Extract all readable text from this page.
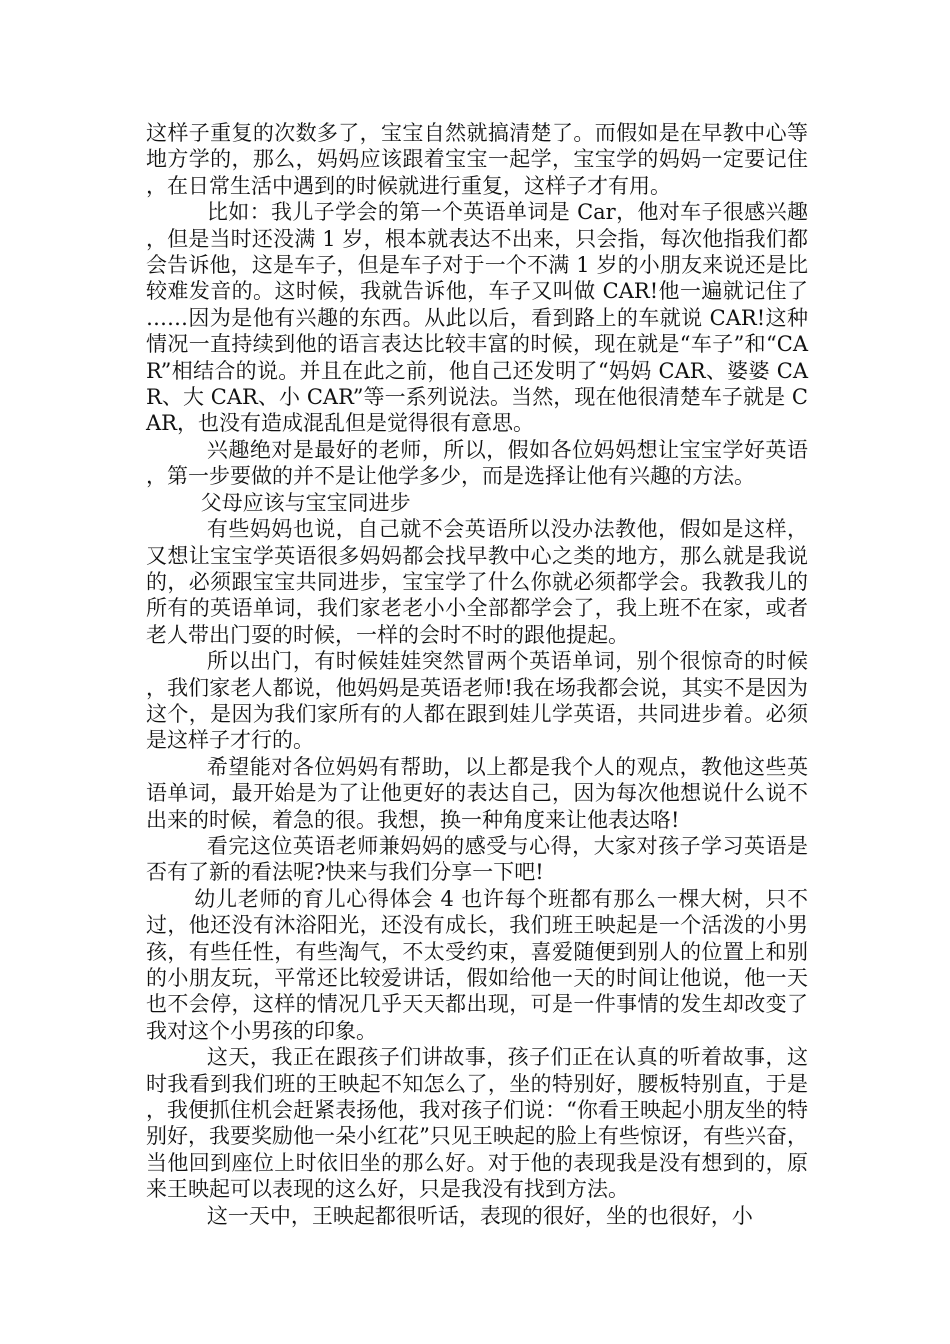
这样子重复的次数多了，宝宝自然就搞清楚了。而假如是在早教中心等地方学的，那么，妈妈应该跟着宝宝一起学，宝宝学的妈妈一定要记住，在日常生活中遇到的时候就进行重复，这样子才有用。

比如：我儿子学会的第一个英语单词是 Car，他对车子很感兴趣，但是当时还没满 1 岁，根本就表达不出来，只会指，每次他指我们都会告诉他，这是车子，但是车子对于一个不满 1 岁的小朋友来说还是比较难发音的。这时候，我就告诉他，车子又叫做 CAR!他一遍就记住了……因为是他有兴趣的东西。从此以后，看到路上的车就说 CAR!这种情况一直持续到他的语言表达比较丰富的时候，现在就是“车子”和“CAR”相结合的说。并且在此之前，他自己还发明了“妈妈 CAR、婆婆 CAR、大 CAR、小 CAR”等一系列说法。当然，现在他很清楚车子就是 CAR，也没有造成混乱但是觉得很有意思。

兴趣绝对是最好的老师，所以，假如各位妈妈想让宝宝学好英语，第一步要做的并不是让他学多少，而是选择让他有兴趣的方法。

父母应该与宝宝同进步

有些妈妈也说，自己就不会英语所以没办法教他，假如是这样，又想让宝宝学英语很多妈妈都会找早教中心之类的地方，那么就是我说的，必须跟宝宝共同进步，宝宝学了什么你就必须都学会。我教我儿的所有的英语单词，我们家老老小小全部都学会了，我上班不在家，或者老人带出门耍的时候，一样的会时不时的跟他提起。

所以出门，有时候娃娃突然冒两个英语单词，别个很惊奇的时候，我们家老人都说，他妈妈是英语老师!我在场我都会说，其实不是因为这个，是因为我们家所有的人都在跟到娃儿学英语，共同进步着。必须是这样子才行的。

希望能对各位妈妈有帮助，以上都是我个人的观点，教他这些英语单词，最开始是为了让他更好的表达自己，因为每次他想说什么说不出来的时候，着急的很。我想，换一种角度来让他表达咯!

看完这位英语老师兼妈妈的感受与心得，大家对孩子学习英语是否有了新的看法呢?快来与我们分享一下吧!

幼儿老师的育儿心得体会 4 也许每个班都有那么一棵大树，只不过，他还没有沐浴阳光，还没有成长，我们班王映起是一个活泼的小男孩，有些任性，有些淘气，不太受约束，喜爱随便到别人的位置上和别的小朋友玩，平常还比较爱讲话，假如给他一天的时间让他说，他一天也不会停，这样的情况几乎天天都出现，可是一件事情的发生却改变了我对这个小男孩的印象。

这天，我正在跟孩子们讲故事，孩子们正在认真的听着故事，这时我看到我们班的王映起不知怎么了，坐的特别好，腰板特别直，于是，我便抓住机会赶紧表扬他，我对孩子们说：“你看王映起小朋友坐的特别好，我要奖励他一朵小红花”只见王映起的脸上有些惊讶，有些兴奋，当他回到座位上时依旧坐的那么好。对于他的表现我是没有想到的，原来王映起可以表现的这么好，只是我没有找到方法。

这一天中，王映起都很听话，表现的很好，坐的也很好，小
